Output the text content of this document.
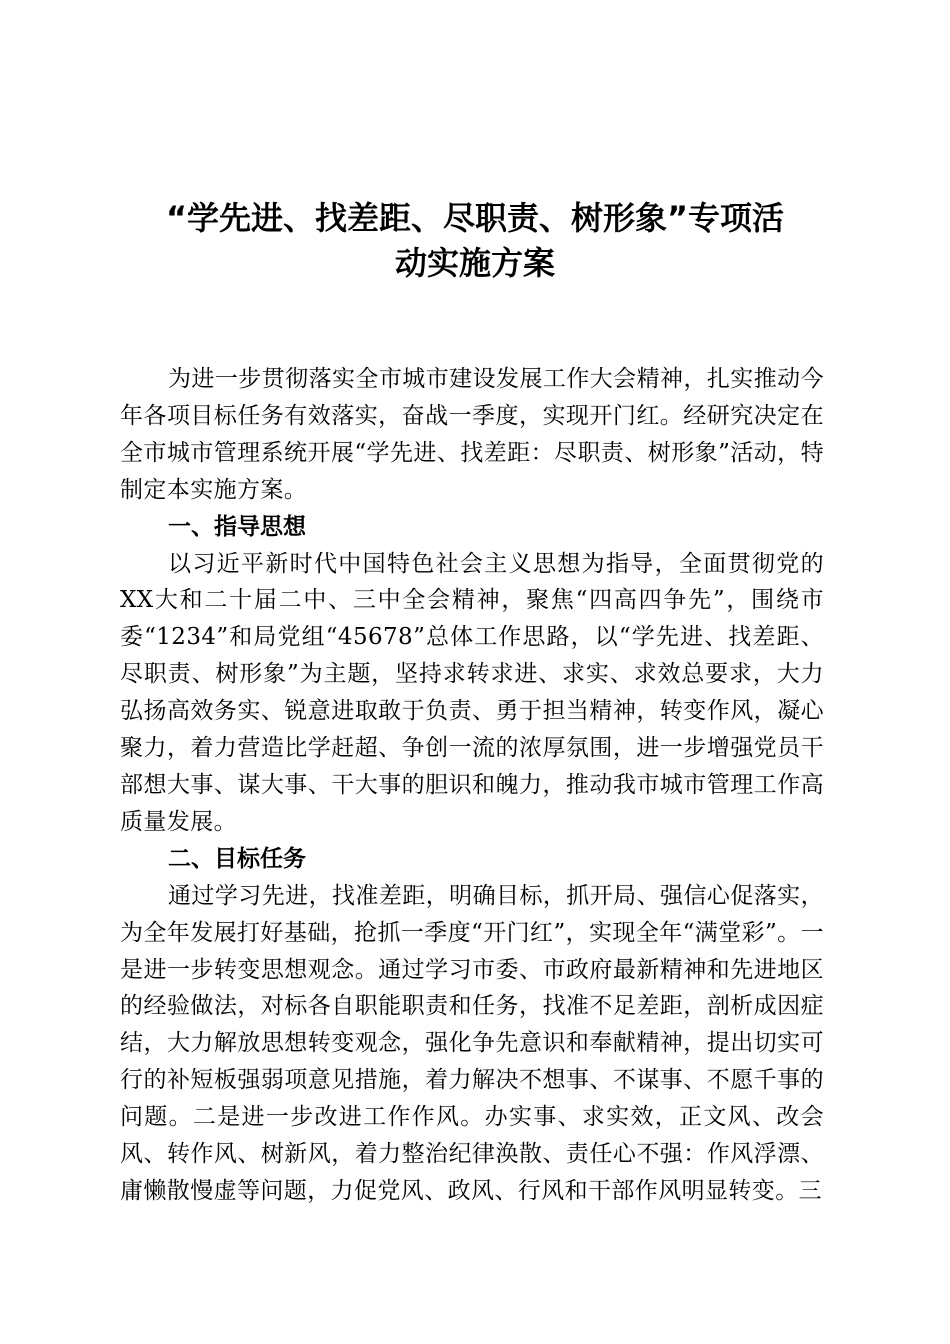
“学先进、找差距、尽职责、树形象”专项活
动实施方案

为进一步贯彻落实全市城市建设发展工作大会精神，扎实推动今年各项目标任务有效落实，奋战一季度，实现开门红。经研究决定在全市城市管理系统开展“学先进、找差距：尽职责、树形象”活动，特制定本实施方案。

一、指导思想

以习近平新时代中国特色社会主义思想为指导，全面贯彻党的XX大和二十届二中、三中全会精神，聚焦“四高四争先”，围绕市委“1234”和局党组“45678”总体工作思路，以“学先进、找差距、尽职责、树形象”为主题，坚持求转求进、求实、求效总要求，大力弘扬高效务实、锐意进取敢于负责、勇于担当精神，转变作风，凝心聚力，着力营造比学赶超、争创一流的浓厚氛围，进一步增强党员干部想大事、谋大事、干大事的胆识和魄力，推动我市城市管理工作高质量发展。

二、目标任务

通过学习先进，找准差距，明确目标，抓开局、强信心促落实，为全年发展打好基础，抢抓一季度“开门红”，实现全年“满堂彩”。一是进一步转变思想观念。通过学习市委、市政府最新精神和先进地区的经验做法，对标各自职能职责和任务，找准不足差距，剖析成因症结，大力解放思想转变观念，强化争先意识和奉献精神，提出切实可行的补短板强弱项意见措施，着力解决不想事、不谋事、不愿千事的问题。二是进一步改进工作作风。办实事、求实效，正文风、改会风、转作风、树新风，着力整治纪律涣散、责任心不强：作风浮漂、庸懒散慢虚等问题，力促党风、政风、行风和干部作风明显转变。三
